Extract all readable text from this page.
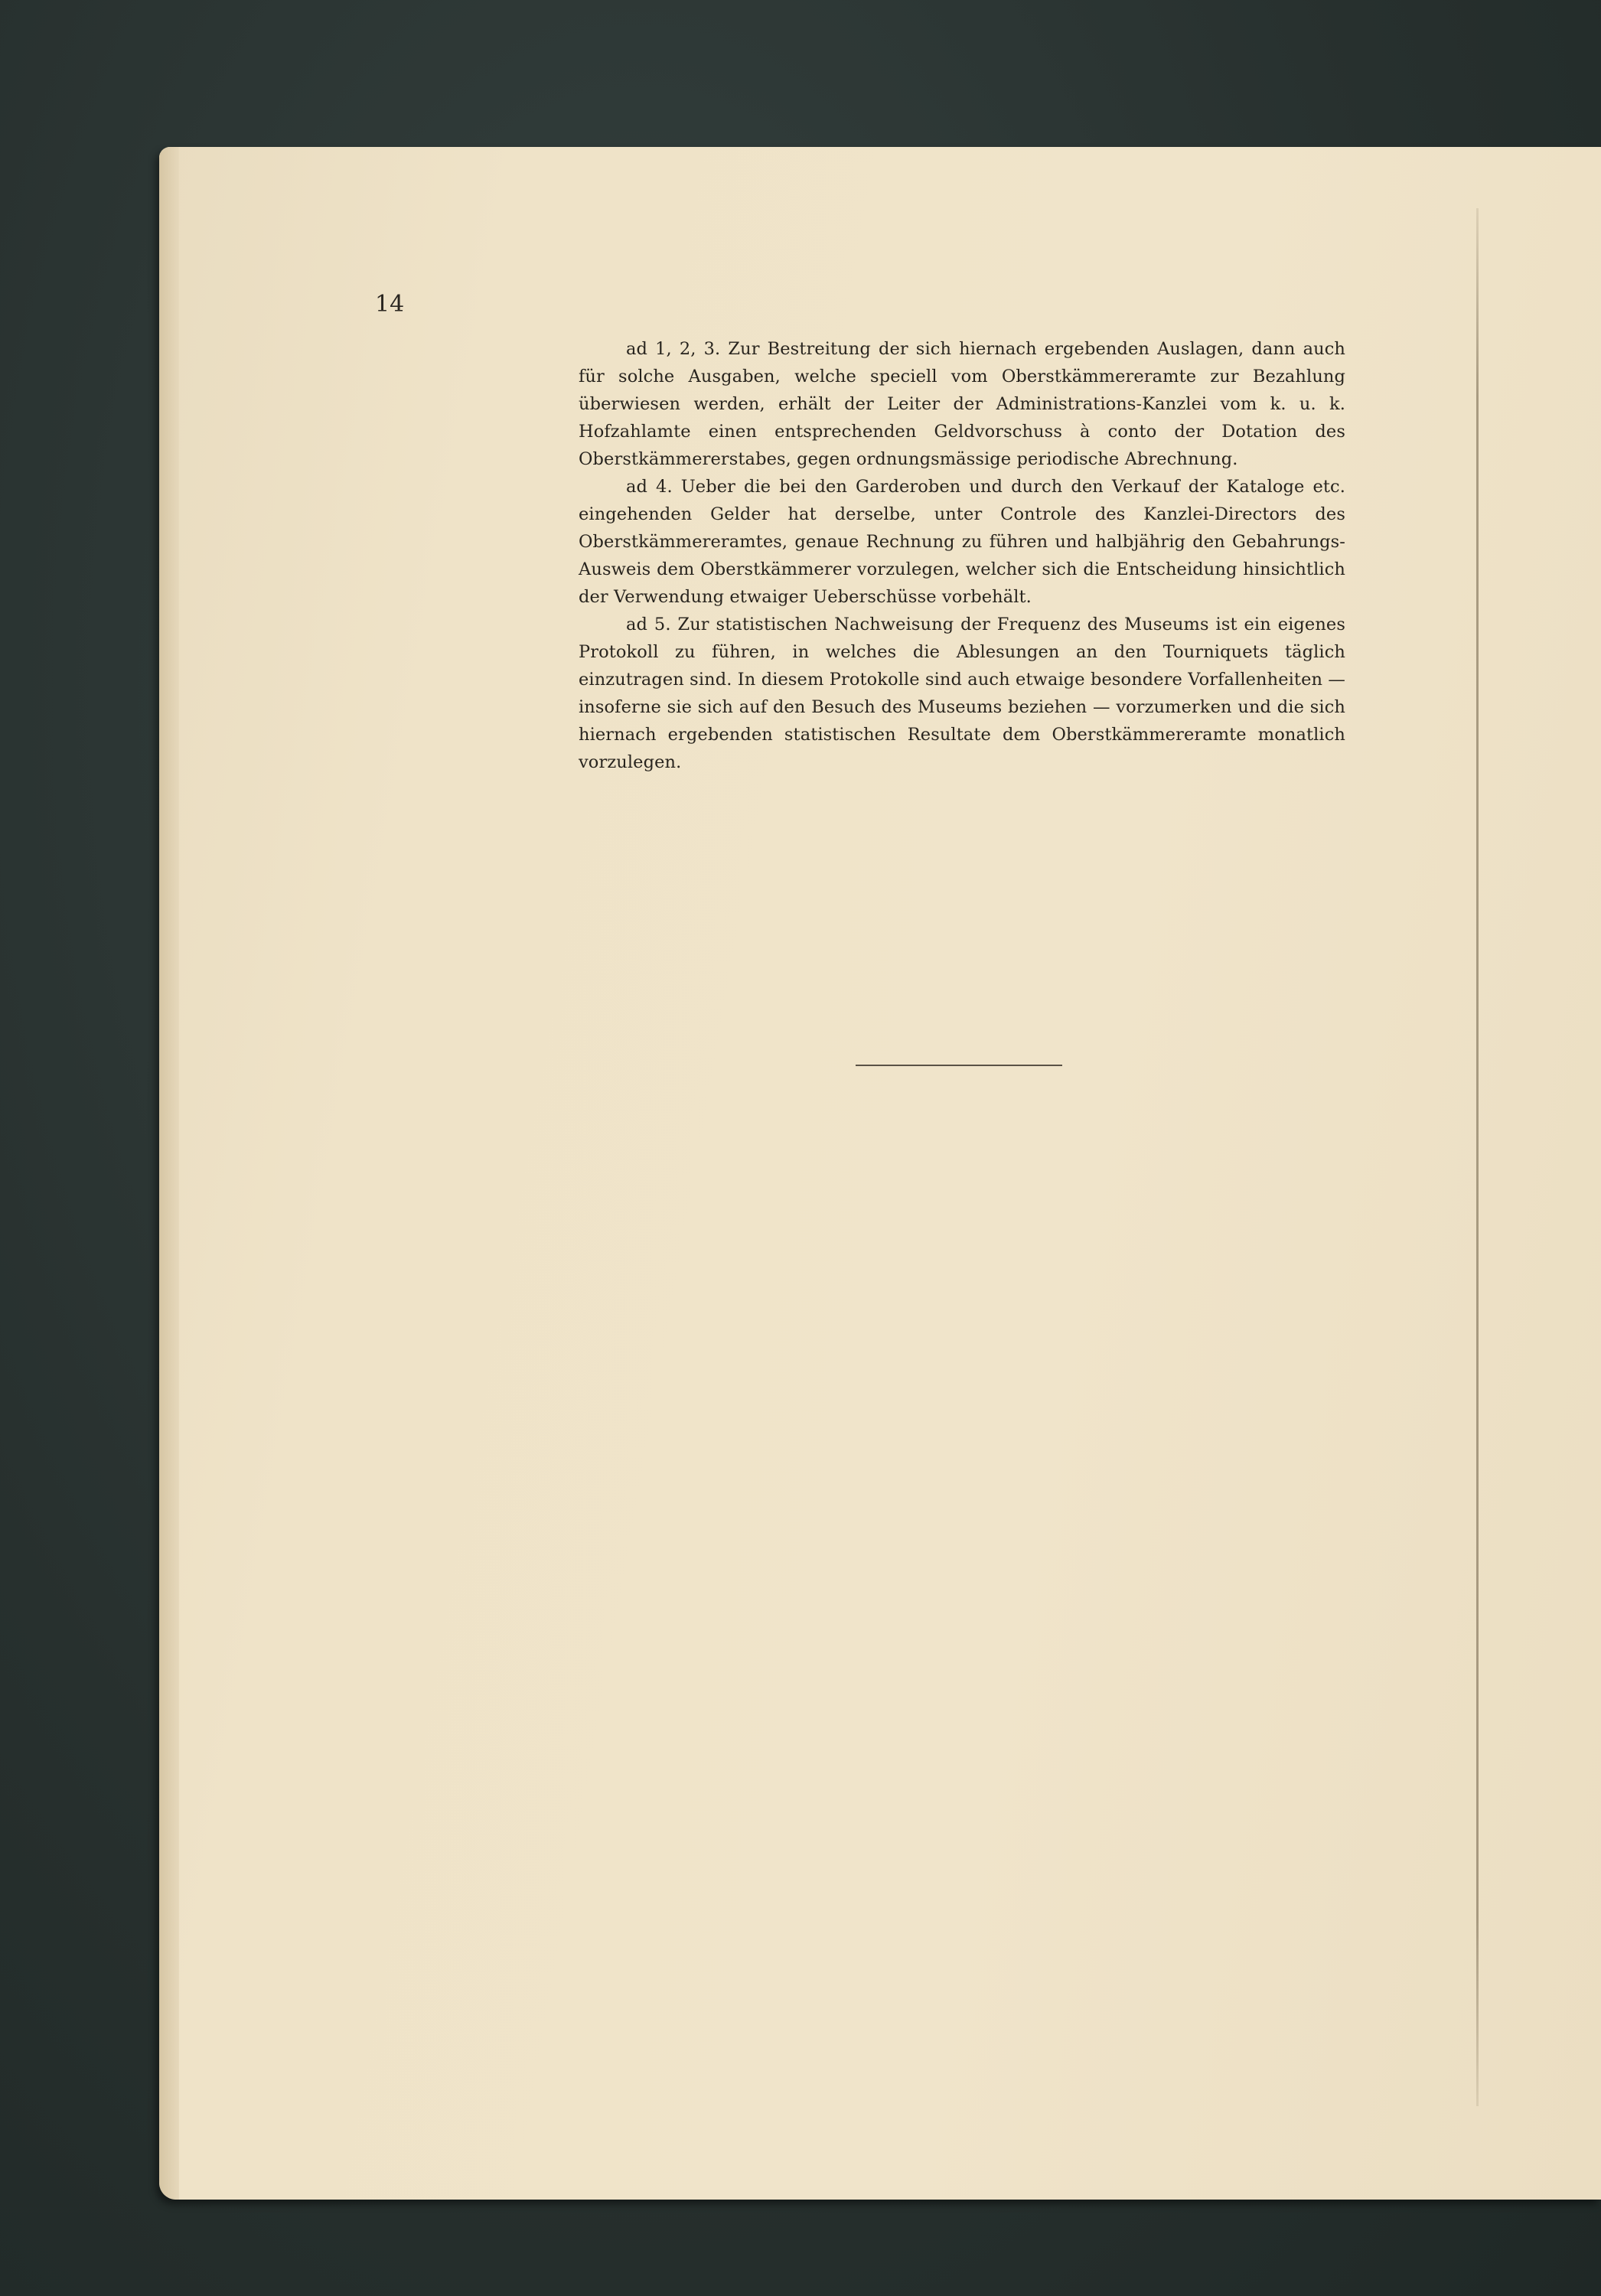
14

ad 1, 2, 3. Zur Bestreitung der sich hiernach ergebenden Auslagen, dann auch für solche Ausgaben, welche speciell vom Oberstkämmereramte zur Bezahlung überwiesen werden, erhält der Leiter der Administrations-Kanzlei vom k. u. k. Hofzahlamte einen entsprechenden Geldvorschuss à conto der Dotation des Oberstkämmererstabes, gegen ordnungsmässige periodische Abrechnung.

ad 4. Ueber die bei den Garderoben und durch den Verkauf der Kataloge etc. eingehenden Gelder hat derselbe, unter Controle des Kanzlei-Directors des Oberstkämmereramtes, genaue Rechnung zu führen und halbjährig den Gebahrungs-Ausweis dem Oberstkämmerer vorzulegen, welcher sich die Entscheidung hinsichtlich der Verwendung etwaiger Ueberschüsse vorbehält.

ad 5. Zur statistischen Nachweisung der Frequenz des Museums ist ein eigenes Protokoll zu führen, in welches die Ablesungen an den Tourniquets täglich einzutragen sind. In diesem Protokolle sind auch etwaige besondere Vorfallenheiten — insoferne sie sich auf den Besuch des Museums beziehen — vorzumerken und die sich hiernach ergebenden statistischen Resultate dem Oberstkämmereramte monatlich vorzulegen.
